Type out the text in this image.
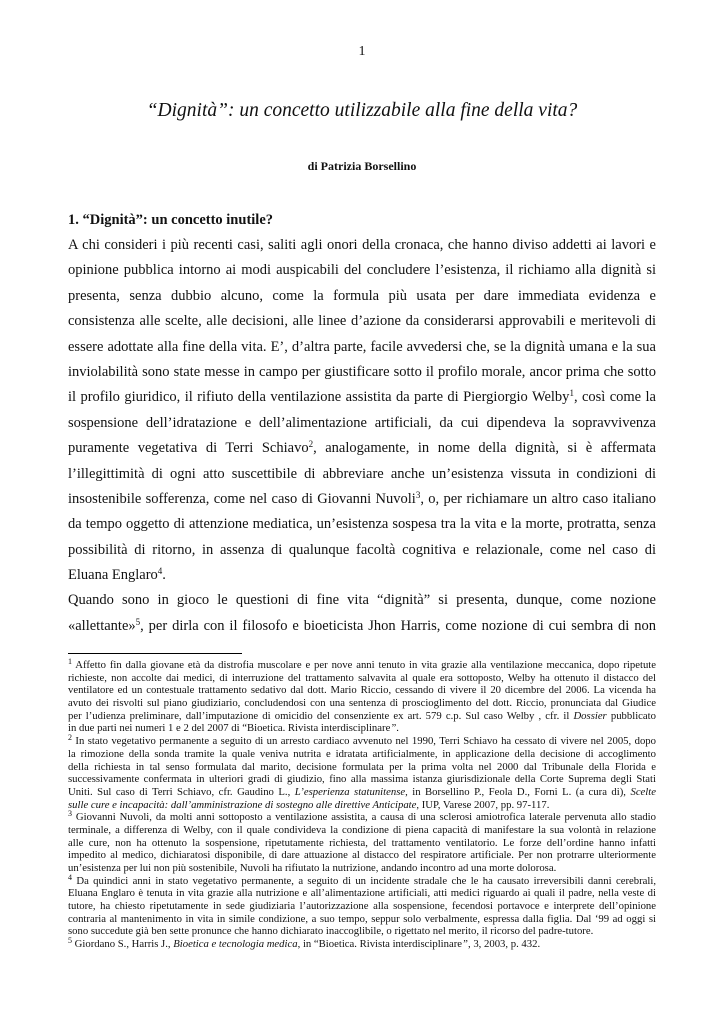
1
“Dignità”: un concetto utilizzabile alla fine della vita?
di Patrizia Borsellino
1. “Dignità”: un concetto inutile?
A chi consideri i più recenti casi, saliti agli onori della cronaca, che hanno diviso addetti ai lavori e
opinione pubblica intorno ai modi auspicabili del concludere l’esistenza, il richiamo alla dignità si
presenta, senza dubbio alcuno, come la formula più usata per dare immediata evidenza e
consistenza alle scelte, alle decisioni, alle linee d’azione da considerarsi approvabili e meritevoli di
essere adottate alla fine della vita. E’, d’altra parte, facile avvedersi che, se la dignità umana e la sua
inviolabilità sono state messe in campo per giustificare sotto il profilo morale, ancor prima che sotto
il profilo giuridico, il rifiuto della ventilazione assistita da parte di Piergiorgio Welby$^1$, così come la
sospensione dell’idratazione e dell’alimentazione artificiali, da cui dipendeva la sopravvivenza
puramente vegetativa di Terri Schiavo$^2$, analogamente, in nome della dignità, si è affermata
l’illegittimità di ogni atto suscettibile di abbreviare anche un’esistenza vissuta in condizioni di
insostenibile sofferenza, come nel caso di Giovanni Nuvoli$^3$, o, per richiamare un altro caso italiano
da tempo oggetto di attenzione mediatica, un’esistenza sospesa tra la vita e la morte, protratta, senza
possibilità di ritorno, in assenza di qualunque facoltà cognitiva e relazionale, come nel caso di
Eluana Englaro$^4$.
Quando sono in gioco le questioni di fine vita “dignità” si presenta, dunque, come nozione
«allettante»$^5$, per dirla con il filosofo e bioeticista Jhon Harris, come nozione di cui sembra di non
$^1$ Affetto fin dalla giovane età da distrofia muscolare e per nove anni tenuto in vita grazie alla ventilazione meccanica, dopo ripetute
richieste, non accolte dai medici, di interruzione del trattamento salvavita al quale era sottoposto, Welby ha ottenuto il distacco del
ventilatore ed un contestuale trattamento sedativo dal dott. Mario Riccio, cessando di vivere il 20 dicembre del 2006. La vicenda ha
avuto dei risvolti sul piano giudiziario, concludendosi con una sentenza di proscioglimento del dott. Riccio, pronunciata dal Giudice
per l’udienza preliminare, dall’imputazione di omicidio del consenziente ex art. 579 c.p. Sul caso Welby , cfr. il Dossier pubblicato
in due parti nei numeri 1 e 2 del 2007 di “Bioetica. Rivista interdisciplinare”.
$^2$ In stato vegetativo permanente a seguito di un arresto cardiaco avvenuto nel 1990, Terri Schiavo ha cessato di vivere nel 2005, dopo
la rimozione della sonda tramite la quale veniva nutrita e idratata artificialmente, in applicazione della decisione di accoglimento
della richiesta in tal senso formulata dal marito, decisione formulata per la prima volta nel 2000 dal Tribunale della Florida e
successivamente confermata in ulteriori gradi di giudizio, fino alla massima istanza giurisdizionale della Corte Suprema degli Stati
Uniti. Sul caso di Terri Schiavo, cfr. Gaudino L., L’esperienza statunitense, in Borsellino P., Feola D., Forni L. (a cura di), Scelte
sulle cure e incapacità: dall’amministrazione di sostegno alle direttive Anticipate, IUP, Varese 2007, pp. 97-117.
$^3$ Giovanni Nuvoli, da molti anni sottoposto a ventilazione assistita, a causa di una sclerosi amiotrofica laterale pervenuta allo stadio
terminale, a differenza di Welby, con il quale condivideva la condizione di piena capacità di manifestare la sua volontà in relazione
alle cure, non ha ottenuto la sospensione, ripetutamente richiesta, del trattamento ventilatorio. Le forze dell’ordine hanno infatti
impedito al medico, dichiaratosi disponibile, di dare attuazione al distacco del respiratore artificiale. Per non protrarre ulteriormente
un’esistenza per lui non più sostenibile, Nuvoli ha rifiutato la nutrizione, andando incontro ad una morte dolorosa.
$^4$ Da quindici anni in stato vegetativo permanente, a seguito di un incidente stradale che le ha causato irreversibili danni cerebrali,
Eluana Englaro è tenuta in vita grazie alla nutrizione e all’alimentazione artificiali, atti medici riguardo ai quali il padre, nella veste di
tutore, ha chiesto ripetutamente in sede giudiziaria l’autorizzazione alla sospensione, fecendosi portavoce e interprete dell’opinione
contraria al mantenimento in vita in simile condizione, a suo tempo, seppur solo verbalmente, espressa dalla figlia. Dal ‘99 ad oggi si
sono succedute già ben sette pronunce che hanno dichiarato inaccoglibile, o rigettato nel merito, il ricorso del padre-tutore.
$^5$ Giordano S., Harris J., Bioetica e tecnologia medica, in “Bioetica. Rivista interdisciplinare”, 3, 2003, p. 432.
